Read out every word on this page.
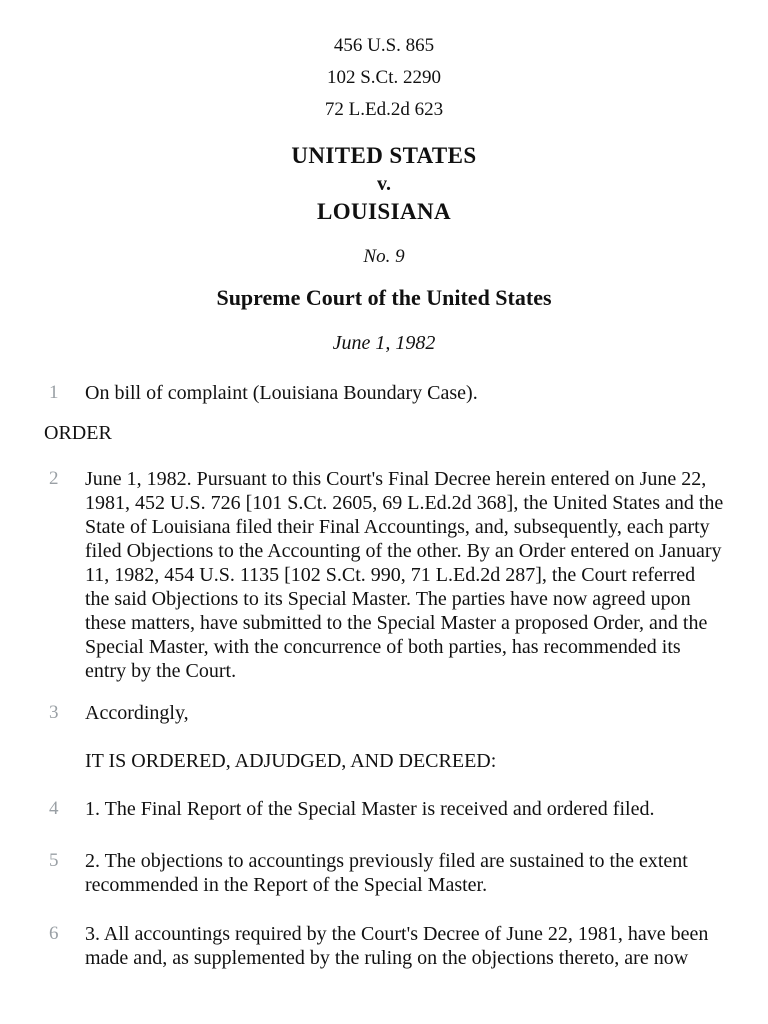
456 U.S. 865
102 S.Ct. 2290
72 L.Ed.2d 623
UNITED STATES
v.
LOUISIANA
No. 9
Supreme Court of the United States
June 1, 1982
1 On bill of complaint (Louisiana Boundary Case).
ORDER
2 June 1, 1982. Pursuant to this Court's Final Decree herein entered on June 22, 1981, 452 U.S. 726 [101 S.Ct. 2605, 69 L.Ed.2d 368], the United States and the State of Louisiana filed their Final Accountings, and, subsequently, each party filed Objections to the Accounting of the other. By an Order entered on January 11, 1982, 454 U.S. 1135 [102 S.Ct. 990, 71 L.Ed.2d 287], the Court referred the said Objections to its Special Master. The parties have now agreed upon these matters, have submitted to the Special Master a proposed Order, and the Special Master, with the concurrence of both parties, has recommended its entry by the Court.
3 Accordingly,
IT IS ORDERED, ADJUDGED, AND DECREED:
4 1. The Final Report of the Special Master is received and ordered filed.
5 2. The objections to accountings previously filed are sustained to the extent recommended in the Report of the Special Master.
6 3. All accountings required by the Court's Decree of June 22, 1981, have been made and, as supplemented by the ruling on the objections thereto, are now
